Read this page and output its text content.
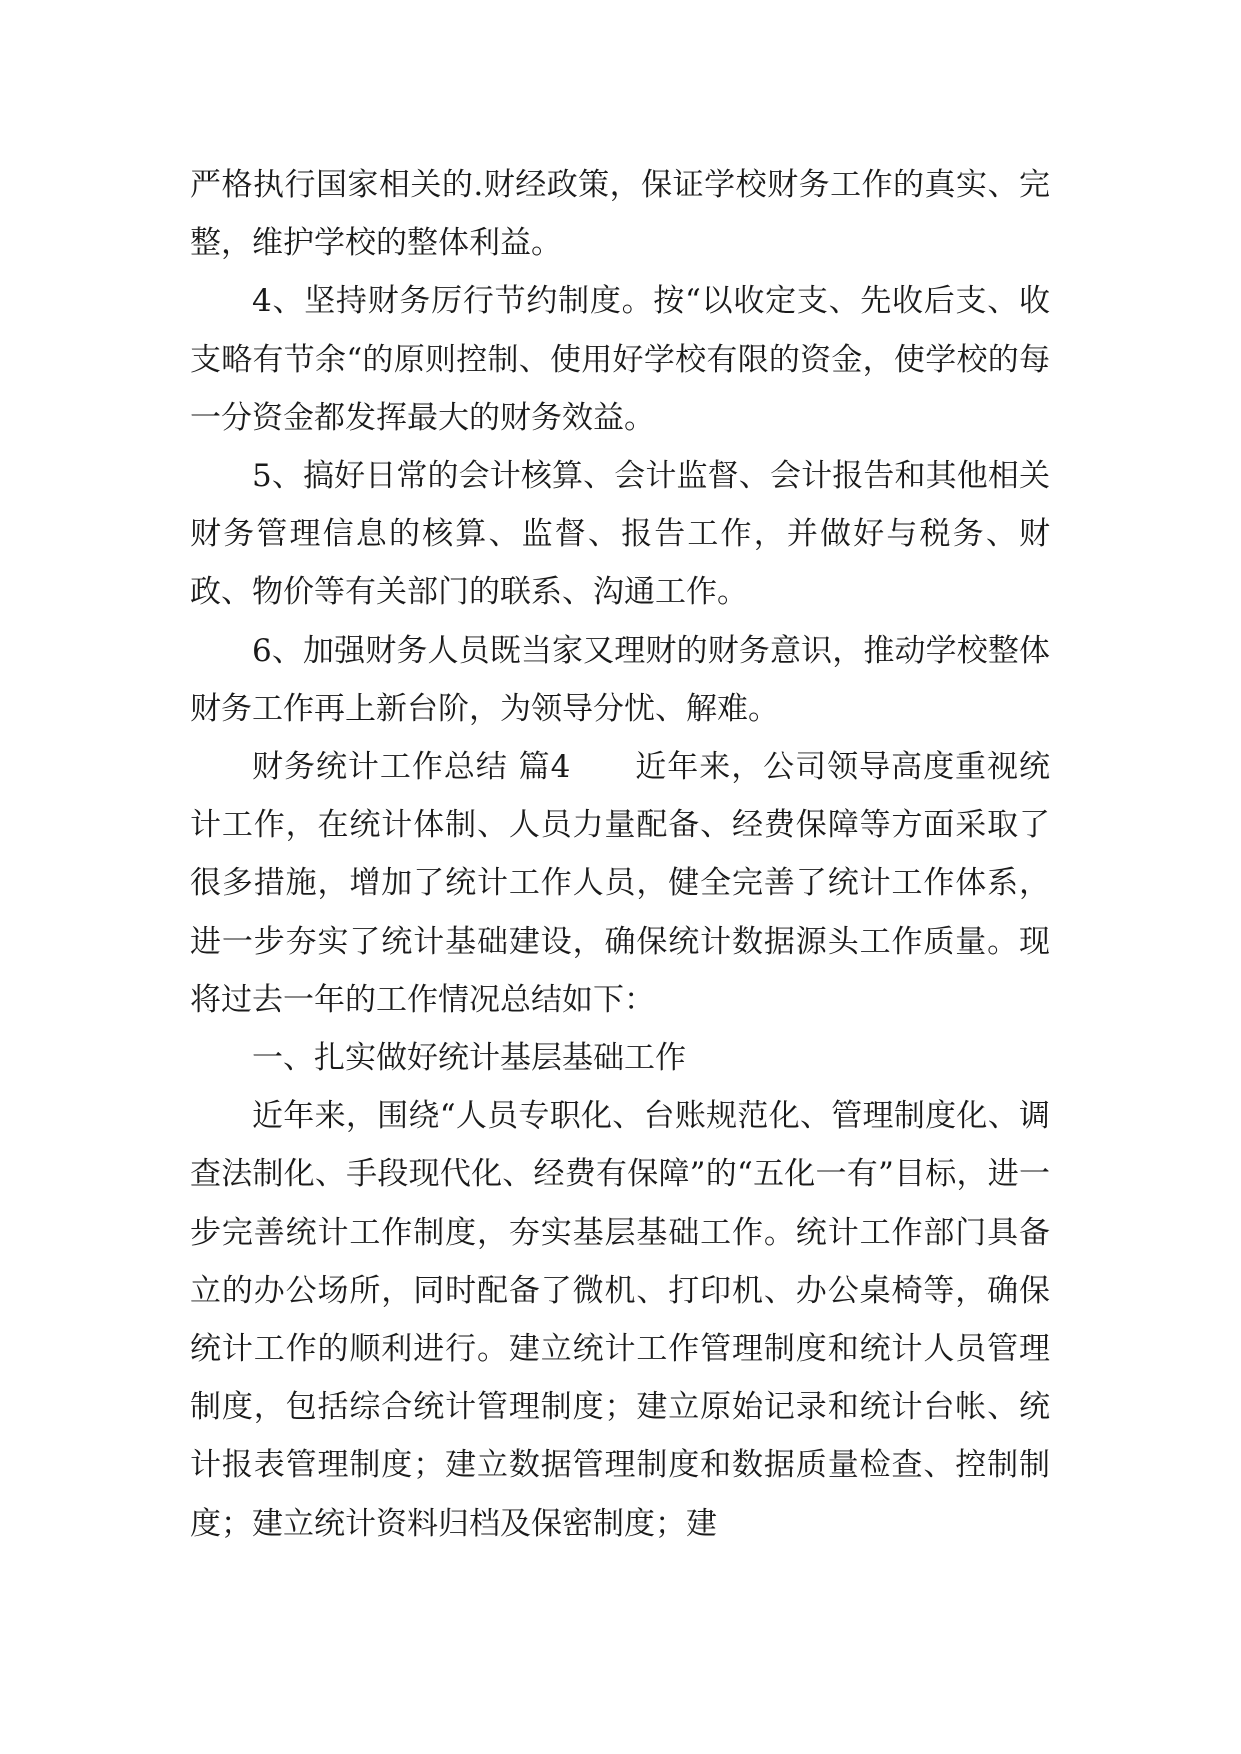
严格执行国家相关的.财经政策，保证学校财务工作的真实、完整，维护学校的整体利益。

4、坚持财务厉行节约制度。按“以收定支、先收后支、收支略有节余“的原则控制、使用好学校有限的资金，使学校的每一分资金都发挥最大的财务效益。

5、搞好日常的会计核算、会计监督、会计报告和其他相关财务管理信息的核算、监督、报告工作，并做好与税务、财政、物价等有关部门的联系、沟通工作。

6、加强财务人员既当家又理财的财务意识，推动学校整体财务工作再上新台阶，为领导分忧、解难。

财务统计工作总结 篇4　　近年来，公司领导高度重视统计工作，在统计体制、人员力量配备、经费保障等方面采取了很多措施，增加了统计工作人员，健全完善了统计工作体系，进一步夯实了统计基础建设，确保统计数据源头工作质量。现将过去一年的工作情况总结如下：

一、扎实做好统计基层基础工作

近年来，围绕“人员专职化、台账规范化、管理制度化、调查法制化、手段现代化、经费有保障”的“五化一有”目标，进一步完善统计工作制度，夯实基层基础工作。统计工作部门具备立的办公场所，同时配备了微机、打印机、办公桌椅等，确保统计工作的顺利进行。建立统计工作管理制度和统计人员管理制度，包括综合统计管理制度；建立原始记录和统计台帐、统计报表管理制度；建立数据管理制度和数据质量检查、控制制度；建立统计资料归档及保密制度；建
